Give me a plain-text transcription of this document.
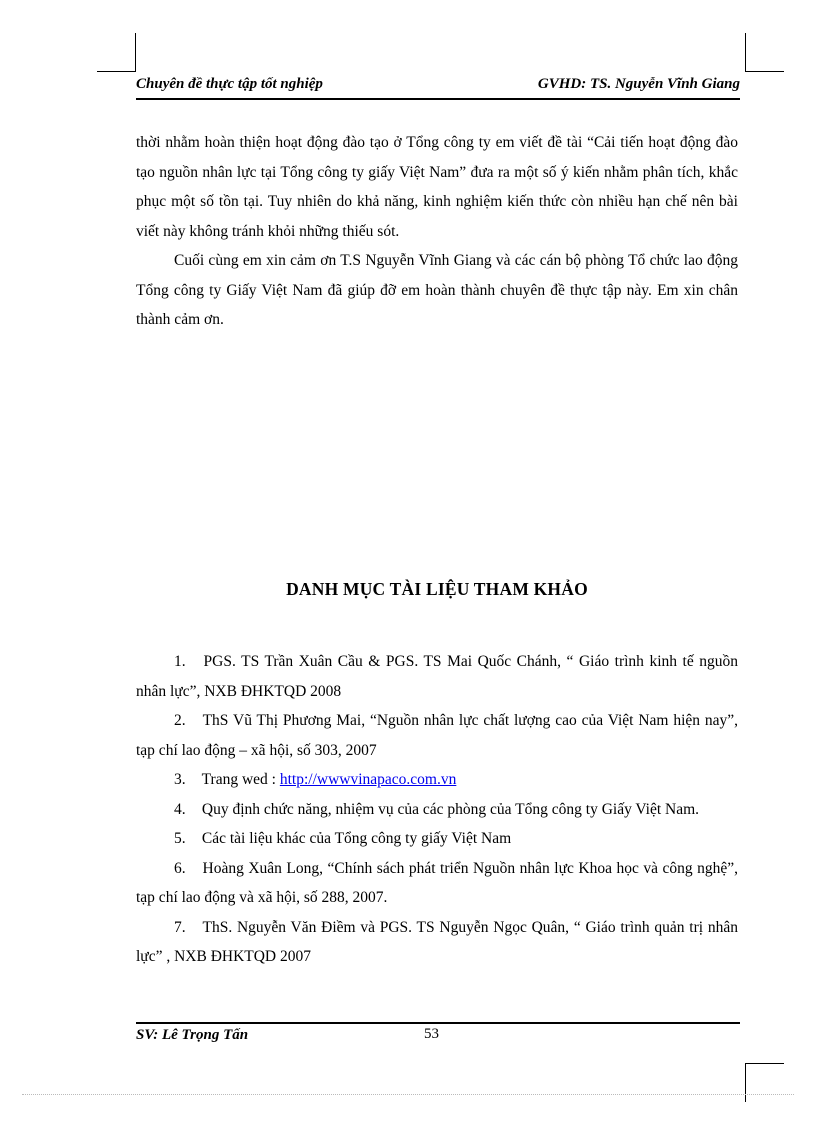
Chuyên đề thực tập tốt nghiệp	GVHD: TS. Nguyễn Vĩnh Giang

thời nhằm hoàn thiện hoạt động đào tạo ở Tổng công ty em viết đề tài “Cải tiến hoạt động đào tạo nguồn nhân lực tại Tổng công ty giấy Việt Nam” đưa ra một số ý kiến nhằm phân tích, khắc phục một số tồn tại. Tuy nhiên do khả năng, kinh nghiệm kiến thức còn nhiều hạn chế nên bài viết này không tránh khỏi những thiếu sót.

Cuối cùng em xin cảm ơn T.S Nguyễn Vĩnh Giang và các cán bộ phòng Tổ chức lao động Tổng công ty Giấy Việt Nam đã giúp đỡ em hoàn thành chuyên đề thực tập này. Em xin chân thành cảm ơn.

DANH MỤC TÀI LIỆU THAM KHẢO

1. PGS. TS Trần Xuân Cầu & PGS. TS Mai Quốc Chánh, “ Giáo trình kinh tế nguồn nhân lực”, NXB ĐHKTQD 2008

2. ThS Vũ Thị Phương Mai, “Nguồn nhân lực chất lượng cao của Việt Nam hiện nay”, tạp chí lao động – xã hội, số 303, 2007

3. Trang wed : http://wwwvinapaco.com.vn

4. Quy định chức năng, nhiệm vụ của các phòng của Tổng công ty Giấy Việt Nam.

5. Các tài liệu khác của Tổng công ty giấy Việt Nam

6. Hoàng Xuân Long, “Chính sách phát triển Nguồn nhân lực Khoa học và công nghệ”, tạp chí lao động và xã hội, số 288, 2007.

7. ThS. Nguyễn Văn Điềm và PGS. TS Nguyễn Ngọc Quân, “ Giáo trình quản trị nhân lực” , NXB ĐHKTQD 2007

SV: Lê Trọng Tấn	53
